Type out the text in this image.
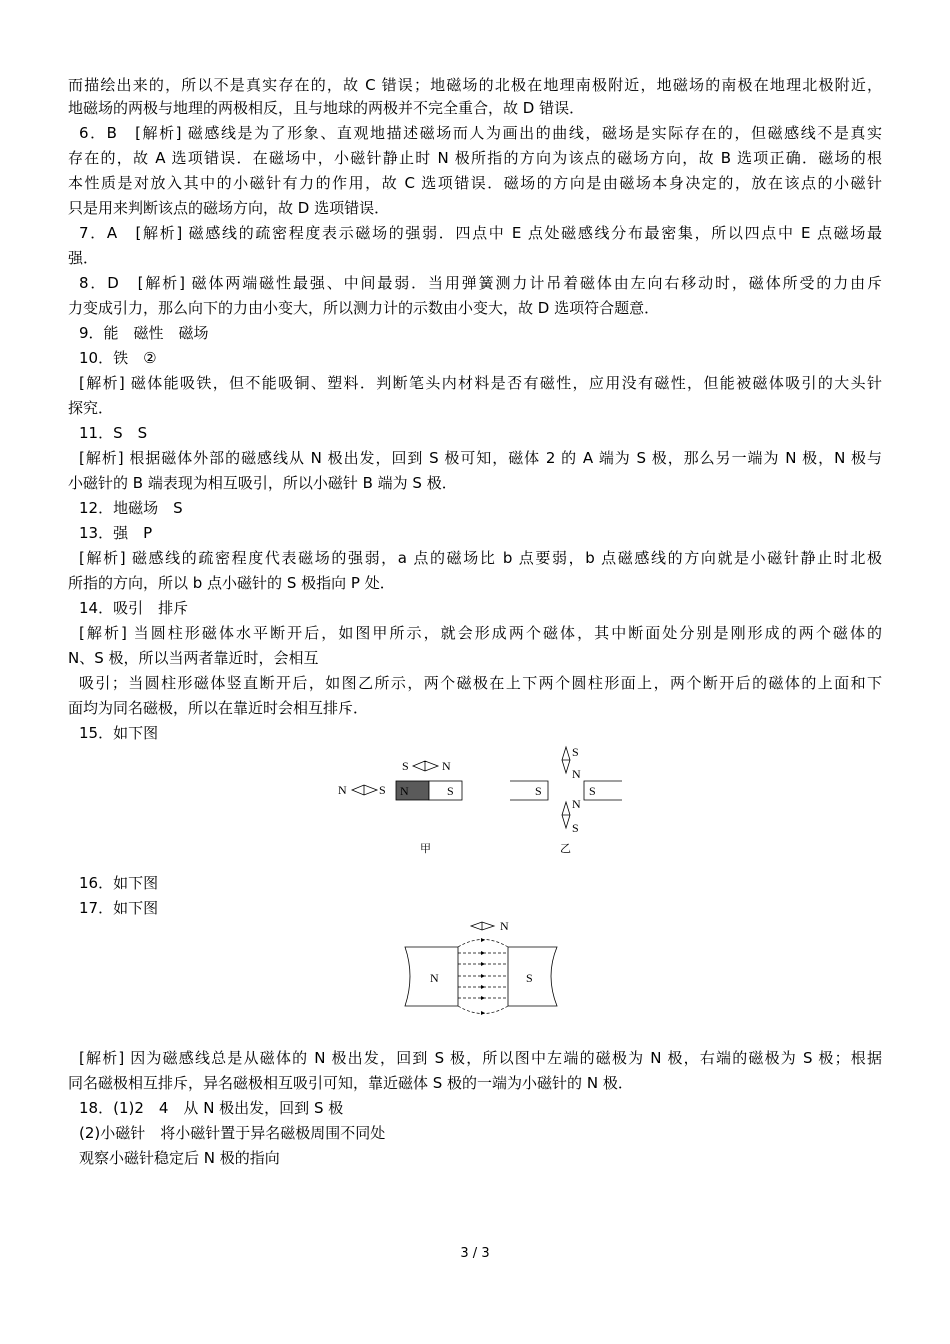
而描绘出来的，所以不是真实存在的，故 C 错误；地磁场的北极在地理南极附近，地磁场的南极在地理北极附近，
地磁场的两极与地理的两极相反，且与地球的两极并不完全重合，故 D 错误．
6．B　[解析] 磁感线是为了形象、直观地描述磁场而人为画出的曲线，磁场是实际存在的，但磁感线不是真实
存在的，故 A 选项错误．在磁场中，小磁针静止时 N 极所指的方向为该点的磁场方向，故 B 选项正确．磁场的根
本性质是对放入其中的小磁针有力的作用，故 C 选项错误．磁场的方向是由磁场本身决定的，放在该点的小磁针
只是用来判断该点的磁场方向，故 D 选项错误．
7．A　[解析] 磁感线的疏密程度表示磁场的强弱．四点中 E 点处磁感线分布最密集，所以四点中 E 点磁场最
强．
8．D　[解析] 磁体两端磁性最强、中间最弱．当用弹簧测力计吊着磁体由左向右移动时，磁体所受的力由斥
力变成引力，那么向下的力由小变大，所以测力计的示数由小变大，故 D 选项符合题意．
9．能　磁性　磁场
10．铁　②
[解析] 磁体能吸铁，但不能吸铜、塑料．判断笔头内材料是否有磁性，应用没有磁性，但能被磁体吸引的大头针
探究．
11．S　S
[解析] 根据磁体外部的磁感线从 N 极出发，回到 S 极可知，磁体 2 的 A 端为 S 极，那么另一端为 N 极，N 极与
小磁针的 B 端表现为相互吸引，所以小磁针 B 端为 S 极．
12．地磁场　S
13．强　P
[解析] 磁感线的疏密程度代表磁场的强弱，a 点的磁场比 b 点要弱，b 点磁感线的方向就是小磁针静止时北极
所指的方向，所以 b 点小磁针的 S 极指向 P 处．
14．吸引　排斥
[解析] 当圆柱形磁体水平断开后，如图甲所示，就会形成两个磁体，其中断面处分别是刚形成的两个磁体的
N、S 极，所以当两者靠近时，会相互
吸引；当圆柱形磁体竖直断开后，如图乙所示，两个磁极在上下两个圆柱形面上，两个断开后的磁体的上面和下
面均为同名磁极，所以在靠近时会相互排斥．
15．如下图
16．如下图
17．如下图
[解析] 因为磁感线总是从磁体的 N 极出发，回到 S 极，所以图中左端的磁极为 N 极，右端的磁极为 S 极；根据
同名磁极相互排斥，异名磁极相互吸引可知，靠近磁体 S 极的一端为小磁针的 N 极．
18．(1)2　4　从 N 极出发，回到 S 极
(2)小磁针　将小磁针置于异名磁极周围不同处
观察小磁针稳定后 N 极的指向
S	N
N	S N	S	S	S
S
N
N
S
甲	乙
N
N	S
3 / 3
